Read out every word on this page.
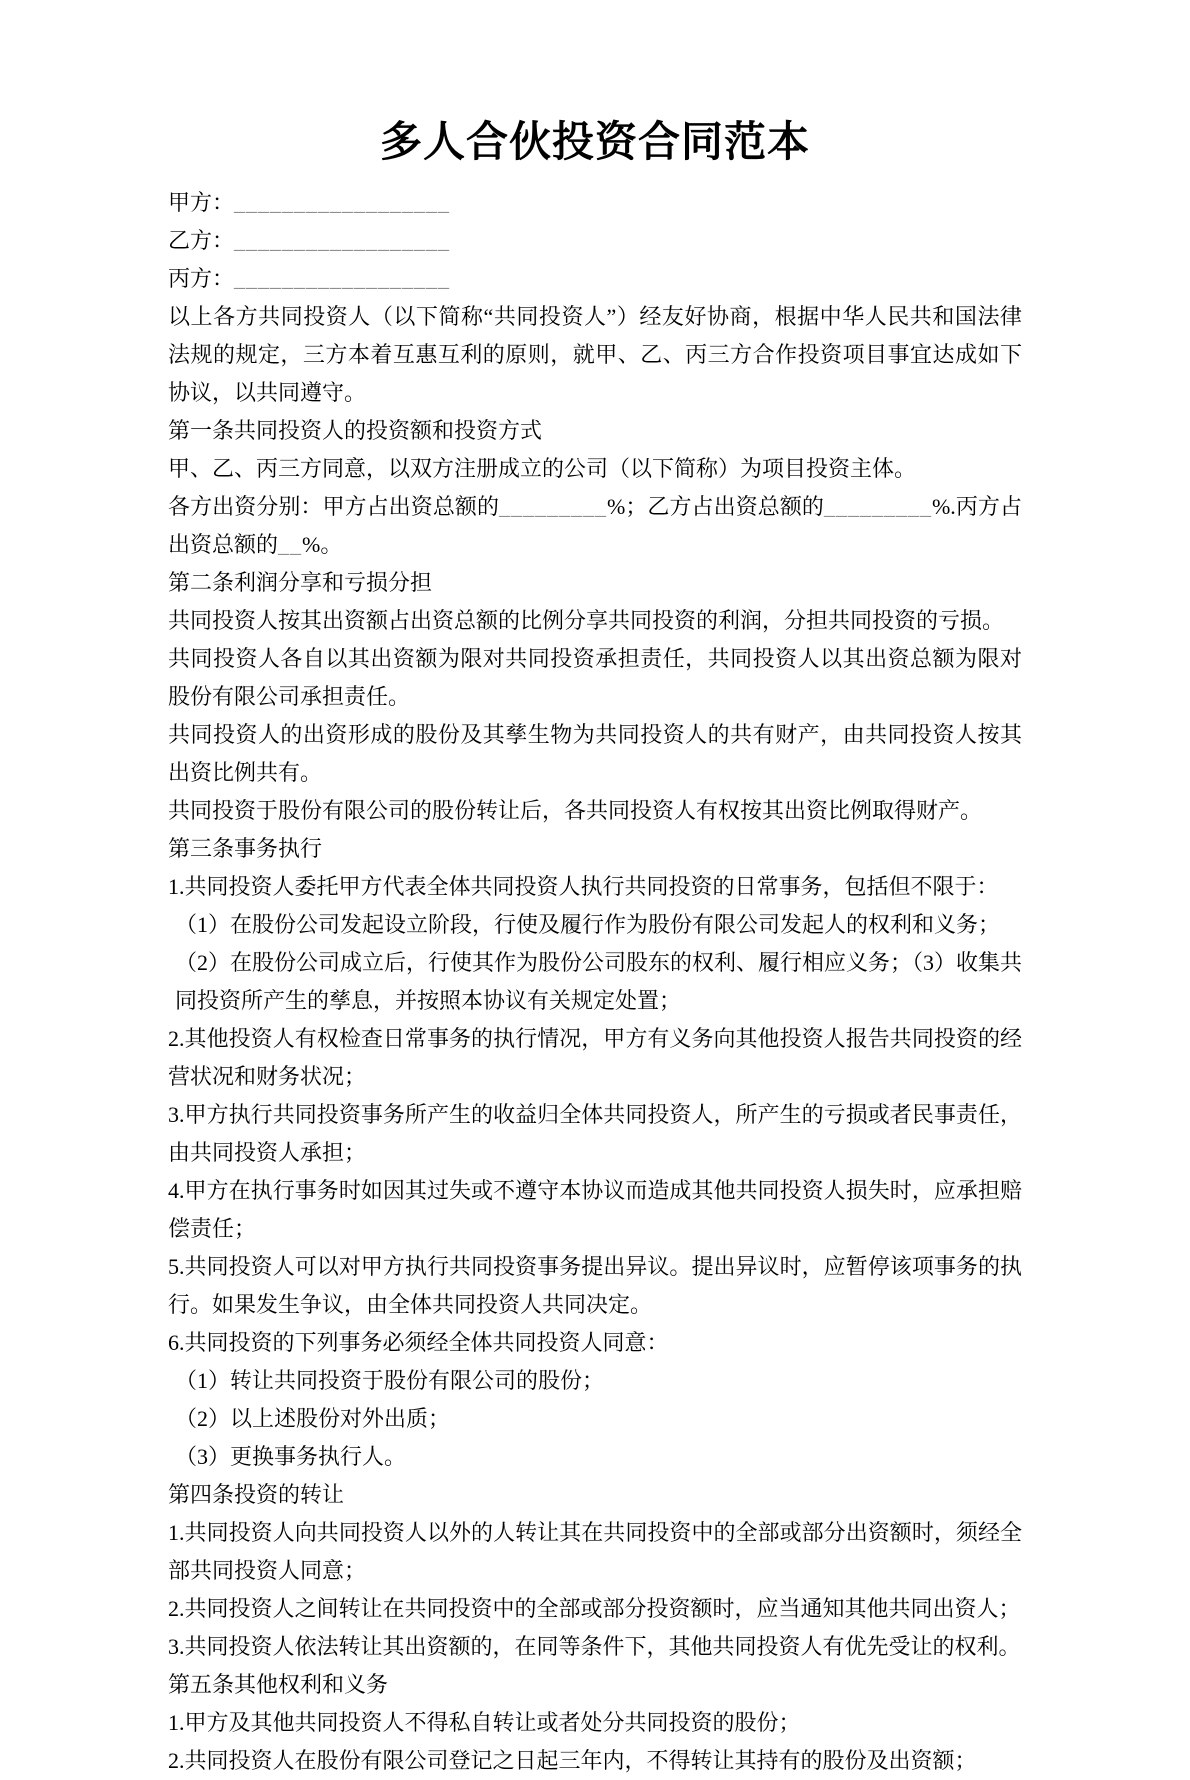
多人合伙投资合同范本
甲方：__________________
乙方：__________________
丙方：__________________

以上各方共同投资人（以下简称“共同投资人”）经友好协商，根据中华人民共和国法律法规的规定，三方本着互惠互利的原则，就甲、乙、丙三方合作投资项目事宜达成如下协议，以共同遵守。

第一条共同投资人的投资额和投资方式

甲、乙、丙三方同意，以双方注册成立的公司（以下简称）为项目投资主体。

各方出资分别：甲方占出资总额的_________%；乙方占出资总额的_________%.丙方占出资总额的__%。

第二条利润分享和亏损分担

共同投资人按其出资额占出资总额的比例分享共同投资的利润，分担共同投资的亏损。

共同投资人各自以其出资额为限对共同投资承担责任，共同投资人以其出资总额为限对股份有限公司承担责任。

共同投资人的出资形成的股份及其孳生物为共同投资人的共有财产，由共同投资人按其出资比例共有。

共同投资于股份有限公司的股份转让后，各共同投资人有权按其出资比例取得财产。

第三条事务执行

1.共同投资人委托甲方代表全体共同投资人执行共同投资的日常事务，包括但不限于：

（1）在股份公司发起设立阶段，行使及履行作为股份有限公司发起人的权利和义务；

（2）在股份公司成立后，行使其作为股份公司股东的权利、履行相应义务；（3）收集共同投资所产生的孳息，并按照本协议有关规定处置；

2.其他投资人有权检查日常事务的执行情况，甲方有义务向其他投资人报告共同投资的经营状况和财务状况；

3.甲方执行共同投资事务所产生的收益归全体共同投资人，所产生的亏损或者民事责任，由共同投资人承担；

4.甲方在执行事务时如因其过失或不遵守本协议而造成其他共同投资人损失时，应承担赔偿责任；

5.共同投资人可以对甲方执行共同投资事务提出异议。提出异议时，应暂停该项事务的执行。如果发生争议，由全体共同投资人共同决定。

6.共同投资的下列事务必须经全体共同投资人同意：

（1）转让共同投资于股份有限公司的股份；

（2）以上述股份对外出质；

（3）更换事务执行人。

第四条投资的转让

1.共同投资人向共同投资人以外的人转让其在共同投资中的全部或部分出资额时，须经全部共同投资人同意；

2.共同投资人之间转让在共同投资中的全部或部分投资额时，应当通知其他共同出资人；

3.共同投资人依法转让其出资额的，在同等条件下，其他共同投资人有优先受让的权利。

第五条其他权利和义务

1.甲方及其他共同投资人不得私自转让或者处分共同投资的股份；

2.共同投资人在股份有限公司登记之日起三年内，不得转让其持有的股份及出资额；
